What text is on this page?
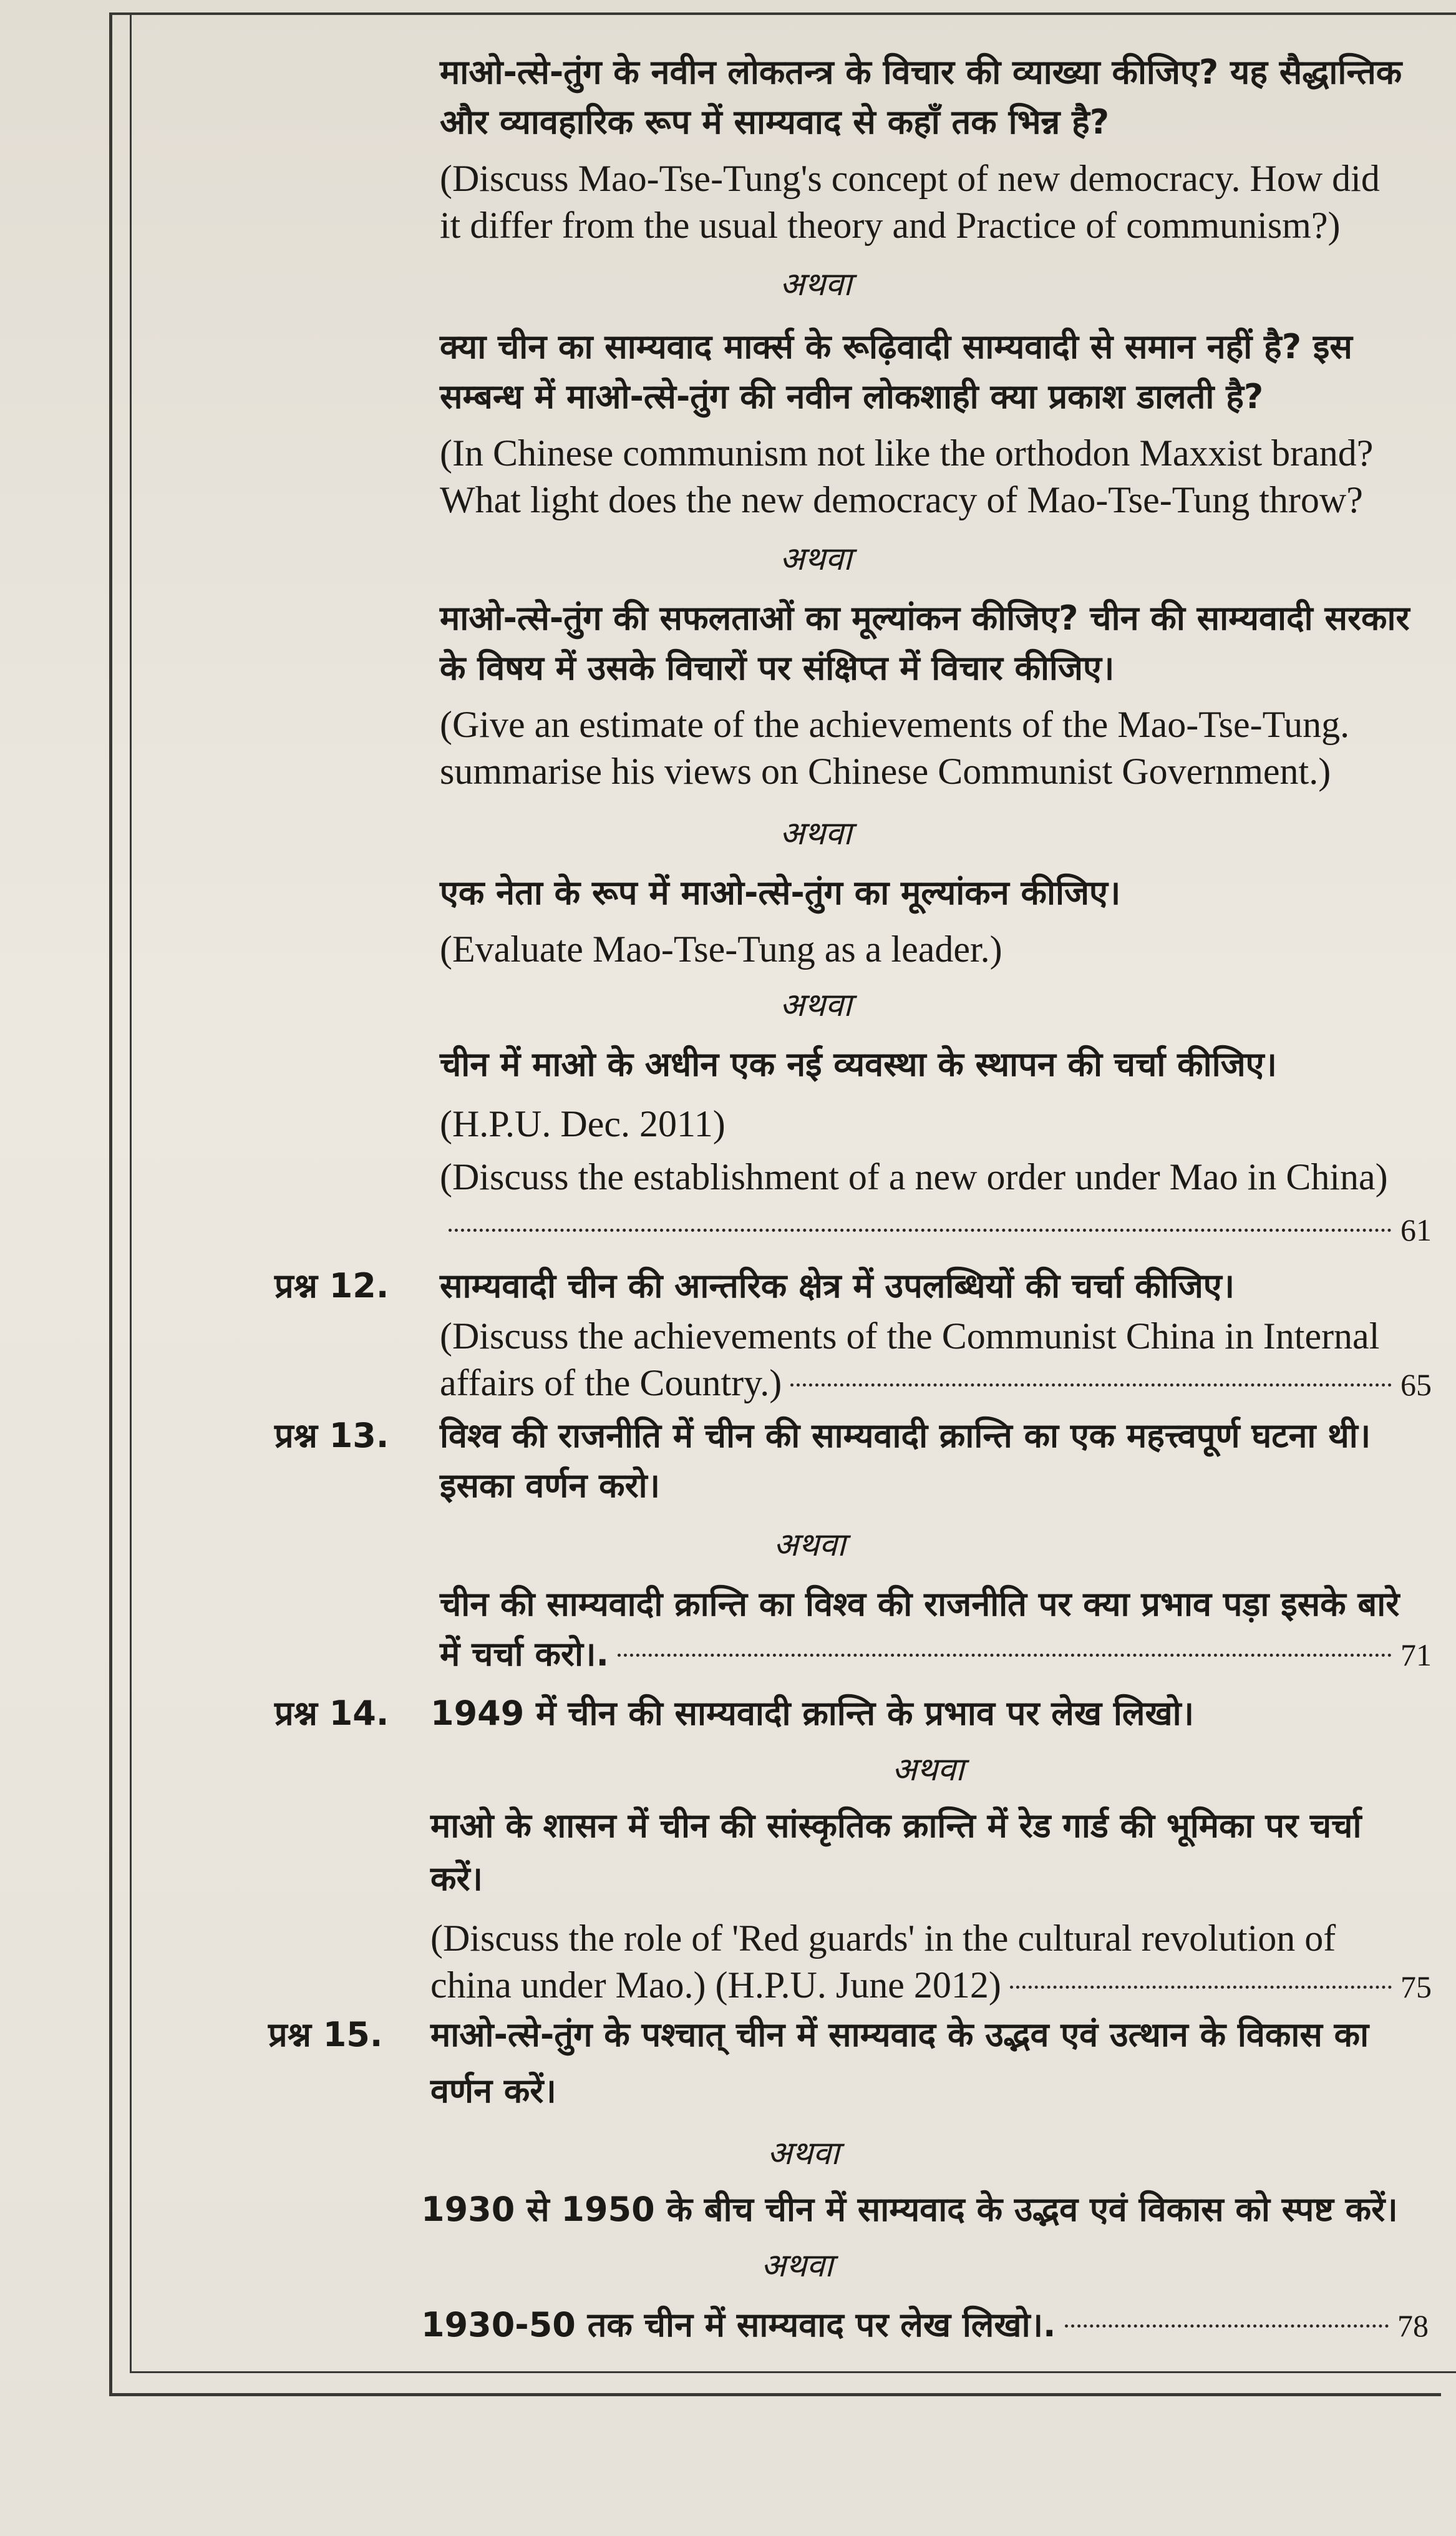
माओ-त्से-तुंग के नवीन लोकतन्त्र के विचार की व्याख्या कीजिए? यह सैद्धान्तिक
और व्यावहारिक रूप में साम्यवाद से कहाँ तक भिन्न है?
(Discuss Mao-Tse-Tung's concept of new democracy. How did
it differ from the usual theory and Practice of communism?)
अथवा
क्या चीन का साम्यवाद मार्क्स के रूढ़िवादी साम्यवादी से समान नहीं है? इस
सम्बन्ध में माओ-त्से-तुंग की नवीन लोकशाही क्या प्रकाश डालती है?
(In Chinese communism not like the orthodon Maxxist brand?
What light does the new democracy of Mao-Tse-Tung throw?
अथवा
माओ-त्से-तुंग की सफलताओं का मूल्यांकन कीजिए? चीन की साम्यवादी सरकार
के विषय में उसके विचारों पर संक्षिप्त में विचार कीजिए।
(Give an estimate of the achievements of the Mao-Tse-Tung.
summarise his views on Chinese Communist Government.)
अथवा
एक नेता के रूप में माओ-त्से-तुंग का मूल्यांकन कीजिए।
(Evaluate Mao-Tse-Tung as a leader.)
अथवा
चीन में माओ के अधीन एक नई व्यवस्था के स्थापन की चर्चा कीजिए।
(H.P.U. Dec. 2011)
(Discuss the establishment of a new order under Mao in China)
61
प्रश्न 12. साम्यवादी चीन की आन्तरिक क्षेत्र में उपलब्धियों की चर्चा कीजिए।
(Discuss the achievements of the Communist China in Internal
affairs of the Country.)	65
प्रश्न 13. विश्व की राजनीति में चीन की साम्यवादी क्रान्ति का एक महत्त्वपूर्ण घटना थी।
इसका वर्णन करो।
अथवा
चीन की साम्यवादी क्रान्ति का विश्व की राजनीति पर क्या प्रभाव पड़ा इसके बारे
में चर्चा करो।.	71
प्रश्न 14. 1949 में चीन की साम्यवादी क्रान्ति के प्रभाव पर लेख लिखो।
अथवा
माओ के शासन में चीन की सांस्कृतिक क्रान्ति में रेड गार्ड की भूमिका पर चर्चा
करें।
(Discuss the role of 'Red guards' in the cultural revolution of
china under Mao.) (H.P.U. June 2012)	75
प्रश्न 15. माओ-त्से-तुंग के पश्चात् चीन में साम्यवाद के उद्भव एवं उत्थान के विकास का
वर्णन करें।
अथवा
1930 से 1950 के बीच चीन में साम्यवाद के उद्भव एवं विकास को स्पष्ट करें।
अथवा
1930-50 तक चीन में साम्यवाद पर लेख लिखो।.	78
